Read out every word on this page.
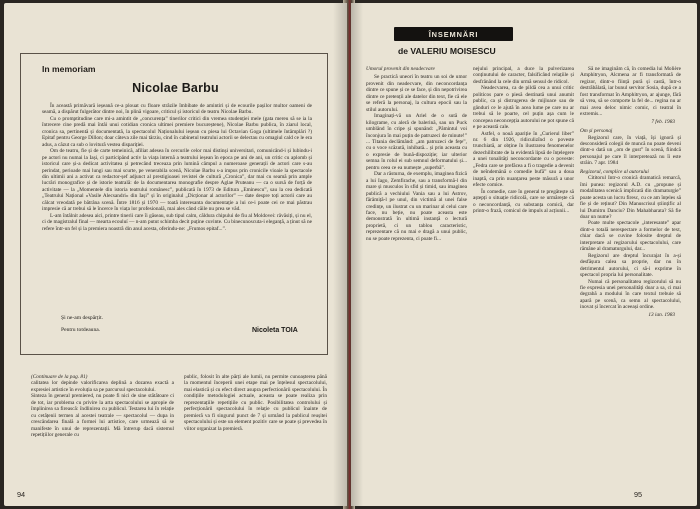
In memoriam
Nicolae Barbu

În această primăvară ieșeană ce-a plouat cu floare străzile îmbibate de amintiri și de ecourile pașilor multor oameni de seamă, a dispărut fulgerător dintre noi, în plină vigoare, criticul și istoricul de teatru Nicolae Barbu.

Cu o promptitudine care mi-a amintit de „concurența” tinerilor critici din vremea studenției mele (gata mereu să se ia la întrecere cine predă mai întâi unui cotidian cronica ultimei premiere bucureștene), Nicolae Barbu publica, în ziarul local, cronica sa, pertinentă și documentată, la spectacolul Naționalului ieșean cu piesa lui Octavian Goga (ultimele întâmplări ?) Epitaf pentru George Dillon; doar câteva zile mai târziu, cind în cabinetul teatrului actorii se delectau cu omagiul cald ce le era adus, a căzut ca sub o lovitură vestea dispariției.

Om de teatru, fie și de carte temeinică, afiliat adesea în cercurile celor mai distinși universitari, comunicând-i și lubindu-i pe actori nu numai la Iași, ci participând activ la viața internă a teatrului ieșean în epoca pe ani de ani, un critic cu aplomb și istoricul care și-a dedicat activitatea și petrecând treceaza prin lumină câmpul a numeroase generații de actori care s-au perindat, perioade mai lungi sau mai scurte, pe venerabila scenă, Nicolae Barbu s-a impus prin cronicile vioaie la spectacole din ultimii ani a activat ca redactor-șef adjunct al prestigioasei revistei de cultură „Cronica”, dar mai cu seamă prin ample lucrări monografice și de istorie teatrală: de la documentarea monografie despre Aglae Pruteanu — ca o sursă de forță de activitate — la „Momentele din istoria teatrului românesc”, publicată în 1973 de Editura „Eminescu”, sau la cea dedicată „Teatrului Național «Vasile Alecsandri» din Iași” și în originalul „Dicționar al actorilor” — date despre toți actorii care au călcat vreodată pe bătrâna scenă. Între 1816 și 1970 — toată interesanta documentație a lui ce-i poate cei ce mai păstrau impresie că ar trebui să le încerce în viața lor profesională, mai ales când căile nu prea se văd.

L-am întâlnit adesea aici, printre tinerii care îi găseau, sub tipul calm, căldura chipului de fiu al Moldovei: râvăsiți, și nu el, ci de magistralul final — mearta ecouluí — n-am putut schimba decit puține cuvinte. Cu binecunoscuta-i eleganță, a ținut să ne refere într-un fel și la premiera noastră din anul acesta, oferindu-ne: „Frumos epitaf...”.

Și ne-am despărțit.
Pentru totdeauna.	Nicoleta TOIA

(Continuare de la pag. 81)

calitatea lor depinde valorificarea deplină a dozarea exactă a expresiei artistice în evoluția sa pe parcursul spectacolului.
Sinteza în general premiered, nu poate fi nici de sine stătătoare ci de tot, iar problema cu privire la arta spectacolului se apropie de împlinirea sa firească: îndlinirea cu publicul. Testarea lui în relație cu cetățenii termen al acestei teatrale — spectacolul — dupa in crescândarea finală a formei lui artistice, care urmează să se manifeste în unui de reprezentații. Mă întrerup dacă sistemul repetițiilor generale cu

public, folosit în alte părți ale lumii, nu permite cunoașterea până la momentul începerii unei etape mai pe înțelesul spectacolului, mai elastică și cu efect direct asupra perfectionării spectacolului. În condițiile metodologiei actuale, aceasta se poate realiza prin reprezentațiile repetițiile cu public. Posibilitatea controlului și perfecționării spectacolului în relație cu publicul înainte de premieră va fi singurul punct de 7 și urmând la publicul reușitei spectacolului și este un element pozitiv care se poate și prevedea în viitor organizat la premieră.

94
ÎNSEMNĂRI CONTRADICTORII
de VALERIU MOISESCU

Umorul provenit din neadecvare

Se practică uneori în teatru un soi de umor provenit din neadecvare, din neconcordanța dintre ce spune și ce se face, și din nepotrivirea dintre ce pretenții ale datelor din text, fie că ele se referă la personaj, la cultura epocii sau la stilul autorului.

Imaginați-vă un Ariel de o sută de kilograme, cu aleră de balerină, sau un Puck umblând în cripe și spunând: „Pămintul voi înconjura în mai puțin de patruzeci de minute!” ... Titania declămând: „am patruzeci de fețe”, cu o voce scăzută, inhibată... și prin aceasta cu o expresie de bună-dispoziție; iar ulterior semna în rolul ei sub semnul deformatului și... pentru ceea ce ea numește „superbă”.

Dar a răsturna, de exemplu, imaginea fizică a lui Iago, Zemfirache, sau a transformă-l din mare și musculos în sfid și timid, sau imaginea publică a vechiului Vania sau a lui Astrov, fărâmiță-l pe unul, din victimă al unei false credințe, un ilustrat cu un marinar al celui care face, nu beție, nu poate aceasta este demonstrată în ultimă instanță o lectură proprietă, ci un tablou caracteristic, reprezentare că nu mai e dragă a unui public, nu se poate reprezenta, ci poate fi...

nejului principal, a duce la pulverizarea conținutului de caracter, falsificând relațiile și desfrânând la cele din urmă sensul de ridicol.

Neadecvarea, ca de pildă cea a unui critic politicos pare o piesă destinată unui anumit public, ca și distrugerea de mijloace sau de gânduri ce le ajută în acea lume pe care nu ar trebui să le poarte, cel puțin așa cum le concepea neconcepția autorului ne pot spune că e pe această cale.

Astfel, o nouă apariție în „Curierul liber” nr. 6 din 1926, ridiculizînd o poveste trunchiată, ar obține în ilustrarea fenomenelor dezechilibrate de la evidentă lipsă de înțelegere a unei tonalități neconcordante cu o poveste: „Fedra care se prefăcea a fi o tragedie a devenit de neîndemână o comedie bufă” sau a doua inaptă, ca prin nuanțarea peste măsură a unor efecte comice.

În comedie, care în general te pregătește să aștepți o situație ridicolă, care se urmărește că o neconcordanță, cu substanța comică, dar printr-o frază, comicul de impuls al acțiunii...

Să ne imaginăm că, în comedia lui Molière Amphitryon, Alcmena ar fi transformată de regizor, dintr-o ființă pură și castă, într-o destrăbălată, iar bunul servitor Sosia, după ce a fost transformat în Amphitryon, ar ajunge, fără să vrea, să se comporte la fel de... regina nu ar mai avea deloc nimic comic, ci teatral în extremis...

7 feb. 1983

Om și personaj

Regizorul care, în viață, își ignoră și desconsideră colegii de muncă nu poate deveni dintr-o dată un „om de gust” în scenă, fiindcă personajul pe care îl interpretează nu îi este străin. 7 apr. 1984

Regizorul, complice al autorului

Cititorul Intr-o cronică dramatică remarcă, îmi punea: regizorul A.D. cu „propune și modalitatea scenică implicată din dramaturgie” poate acesta un lucru firesc, cu ce am înțeles să fie și de reținut? Din Manuscrisul științific al lui Dumitru Danciu? Din Mahabharata? Să fie doar un nume?

Poate multe spectacole „interesante” apar dintr-o totală nerespectare a formelor de text, chiar dacă se cuvine folosite dreptul de interpretare al regizorului spectacolului, care rămâne al dramaturgului, dar...

Regizorul are dreptul încurajat în a-și desfășura calea sa proprie, dar nu în detrimentul autorului, ci să-i exprime în spectacol propria lui personalitate.

Numai că personalitatea regizorului să nu fie expresia unei personalități doar a sa, ci mai degrabă a modului în care textul trebuie să apară pe scenă, ca semn al spectacolului, inovat și încercat în aceeași ordine.

13 ian. 1983

95
